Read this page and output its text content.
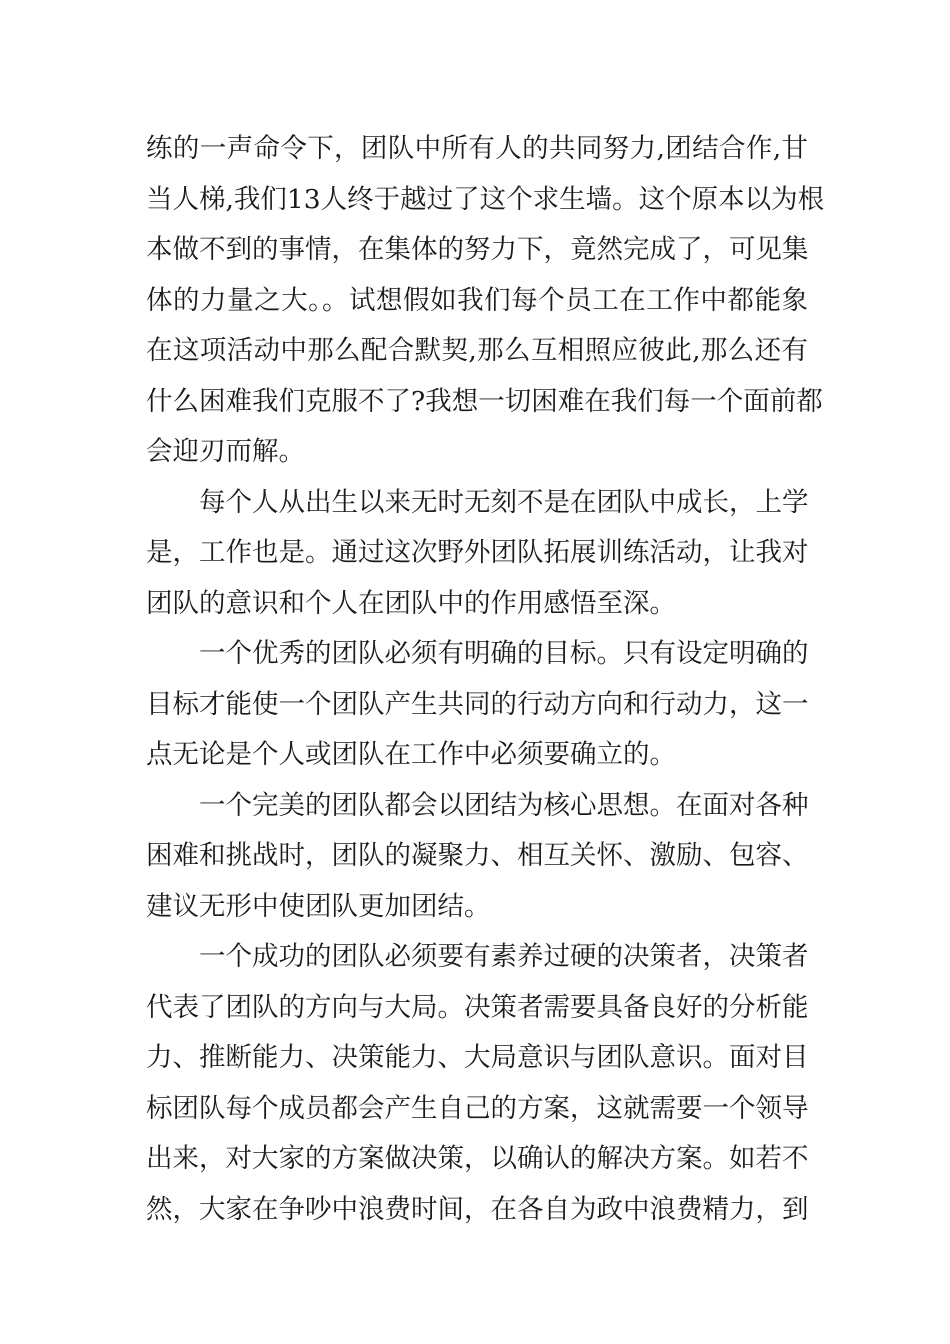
练的一声命令下，团队中所有人的共同努力,团结合作,甘
当人梯,我们13人终于越过了这个求生墙。这个原本以为根
本做不到的事情，在集体的努力下，竟然完成了，可见集
体的力量之大。。试想假如我们每个员工在工作中都能象
在这项活动中那么配合默契,那么互相照应彼此,那么还有
什么困难我们克服不了?我想一切困难在我们每一个面前都
会迎刃而解。
每个人从出生以来无时无刻不是在团队中成长，上学
是，工作也是。通过这次野外团队拓展训练活动，让我对
团队的意识和个人在团队中的作用感悟至深。
一个优秀的团队必须有明确的目标。只有设定明确的
目标才能使一个团队产生共同的行动方向和行动力，这一
点无论是个人或团队在工作中必须要确立的。
一个完美的团队都会以团结为核心思想。在面对各种
困难和挑战时，团队的凝聚力、相互关怀、激励、包容、
建议无形中使团队更加团结。
一个成功的团队必须要有素养过硬的决策者，决策者
代表了团队的方向与大局。决策者需要具备良好的分析能
力、推断能力、决策能力、大局意识与团队意识。面对目
标团队每个成员都会产生自己的方案，这就需要一个领导
出来，对大家的方案做决策，以确认的解决方案。如若不
然，大家在争吵中浪费时间，在各自为政中浪费精力，到
